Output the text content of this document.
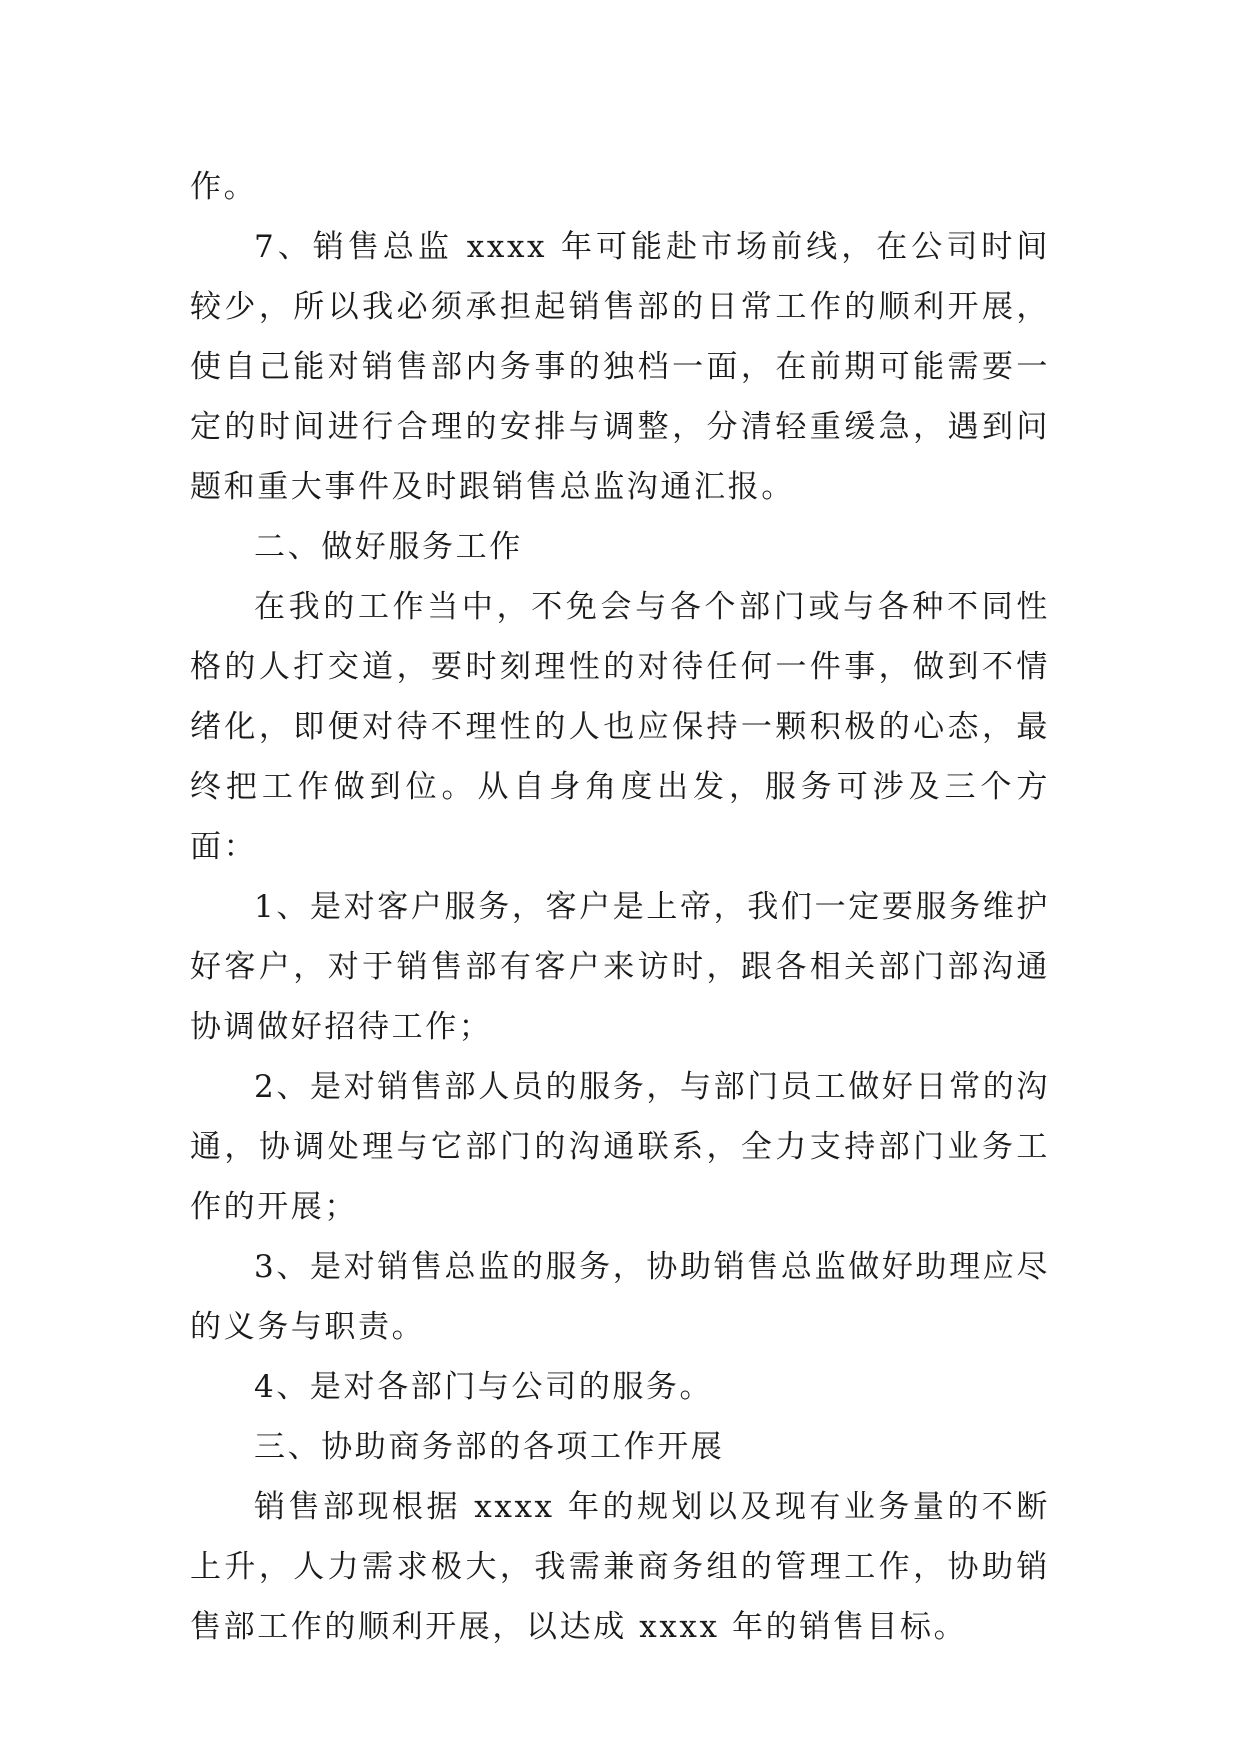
作。

7、销售总监 xxxx 年可能赴市场前线，在公司时间较少，所以我必须承担起销售部的日常工作的顺利开展，使自己能对销售部内务事的独档一面，在前期可能需要一定的时间进行合理的安排与调整，分清轻重缓急，遇到问题和重大事件及时跟销售总监沟通汇报。

二、做好服务工作

在我的工作当中，不免会与各个部门或与各种不同性格的人打交道，要时刻理性的对待任何一件事，做到不情绪化，即便对待不理性的人也应保持一颗积极的心态，最终把工作做到位。从自身角度出发，服务可涉及三个方面：

1、是对客户服务，客户是上帝，我们一定要服务维护好客户，对于销售部有客户来访时，跟各相关部门部沟通协调做好招待工作；

2、是对销售部人员的服务，与部门员工做好日常的沟通，协调处理与它部门的沟通联系，全力支持部门业务工作的开展；

3、是对销售总监的服务，协助销售总监做好助理应尽的义务与职责。

4、是对各部门与公司的服务。

三、协助商务部的各项工作开展

销售部现根据 xxxx 年的规划以及现有业务量的不断上升，人力需求极大，我需兼商务组的管理工作，协助销售部工作的顺利开展，以达成 xxxx 年的销售目标。
